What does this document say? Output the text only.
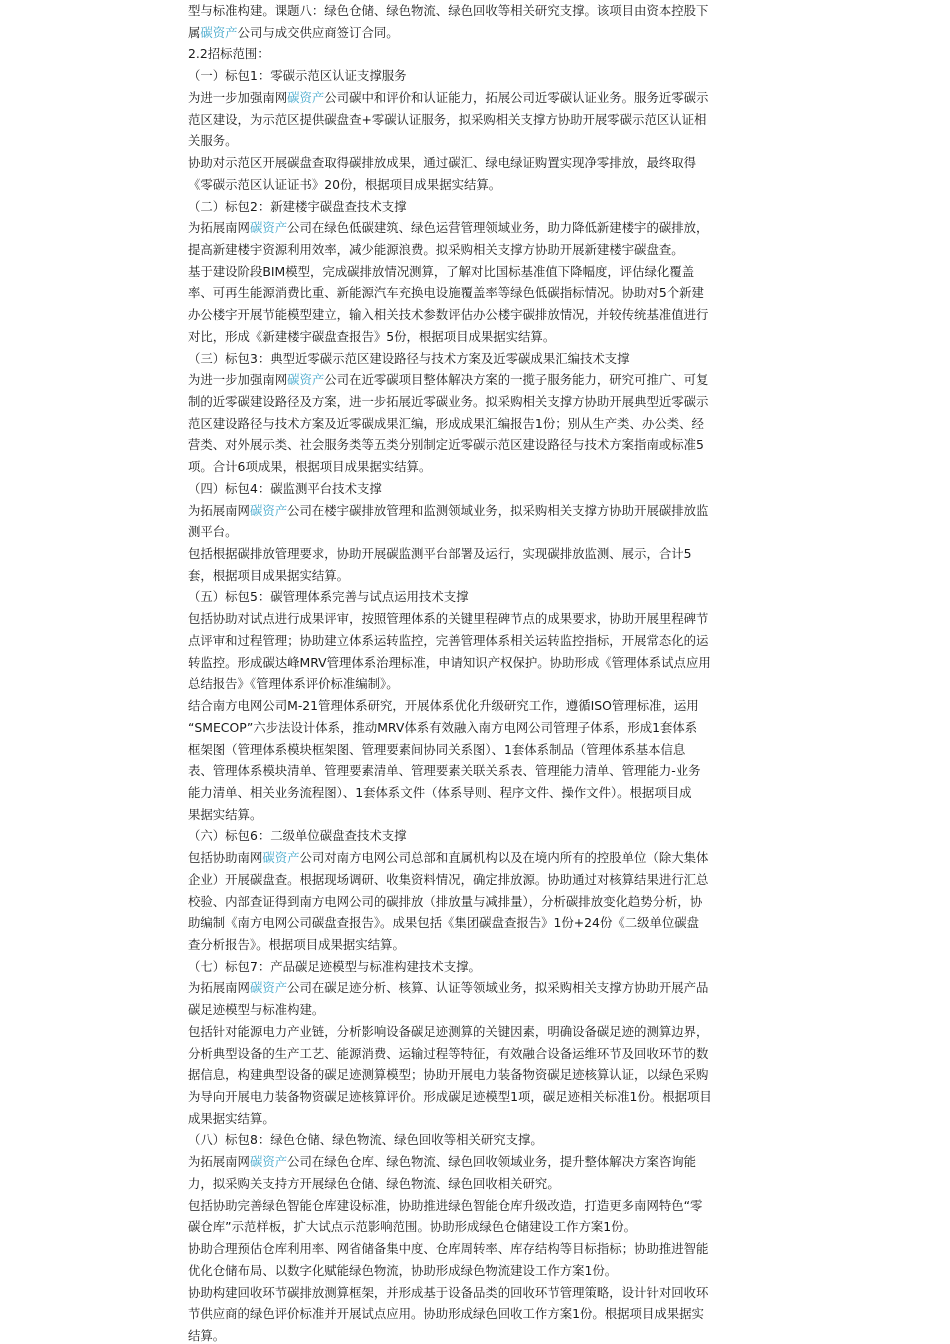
型与标准构建。课题八：绿色仓储、绿色物流、绿色回收等相关研究支撑。该项目由资本控股下
属碳资产公司与成交供应商签订合同。
2.2招标范围：
（一）标包1：零碳示范区认证支撑服务
为进一步加强南网碳资产公司碳中和评价和认证能力，拓展公司近零碳认证业务。服务近零碳示
范区建设，为示范区提供碳盘查+零碳认证服务，拟采购相关支撑方协助开展零碳示范区认证相
关服务。
协助对示范区开展碳盘查取得碳排放成果，通过碳汇、绿电绿证购置实现净零排放，最终取得
《零碳示范区认证证书》20份，根据项目成果据实结算。
（二）标包2：新建楼宇碳盘查技术支撑
为拓展南网碳资产公司在绿色低碳建筑、绿色运营管理领域业务，助力降低新建楼宇的碳排放，
提高新建楼宇资源利用效率，减少能源浪费。拟采购相关支撑方协助开展新建楼宇碳盘查。
基于建设阶段BIM模型，完成碳排放情况测算，了解对比国标基准值下降幅度，评估绿化覆盖
率、可再生能源消费比重、新能源汽车充换电设施覆盖率等绿色低碳指标情况。协助对5个新建
办公楼宇开展节能模型建立，输入相关技术参数评估办公楼宇碳排放情况，并较传统基准值进行
对比，形成《新建楼宇碳盘查报告》5份，根据项目成果据实结算。
（三）标包3：典型近零碳示范区建设路径与技术方案及近零碳成果汇编技术支撑
为进一步加强南网碳资产公司在近零碳项目整体解决方案的一揽子服务能力，研究可推广、可复
制的近零碳建设路径及方案，进一步拓展近零碳业务。拟采购相关支撑方协助开展典型近零碳示
范区建设路径与技术方案及近零碳成果汇编，形成成果汇编报告1份；别从生产类、办公类、经
营类、对外展示类、社会服务类等五类分别制定近零碳示范区建设路径与技术方案指南或标准5
项。合计6项成果，根据项目成果据实结算。
（四）标包4：碳监测平台技术支撑
为拓展南网碳资产公司在楼宇碳排放管理和监测领域业务，拟采购相关支撑方协助开展碳排放监
测平台。
包括根据碳排放管理要求，协助开展碳监测平台部署及运行，实现碳排放监测、展示，合计5
套，根据项目成果据实结算。
（五）标包5：碳管理体系完善与试点运用技术支撑
包括协助对试点进行成果评审，按照管理体系的关键里程碑节点的成果要求，协助开展里程碑节
点评审和过程管理；协助建立体系运转监控，完善管理体系相关运转监控指标，开展常态化的运
转监控。形成碳达峰MRV管理体系治理标准，申请知识产权保护。协助形成《管理体系试点应用
总结报告》《管理体系评价标准编制》。
结合南方电网公司M-21管理体系研究，开展体系优化升级研究工作，遵循ISO管理标准，运用
“SMECOP”六步法设计体系，推动MRV体系有效融入南方电网公司管理子体系，形成1套体系
框架图（管理体系模块框架图、管理要素间协同关系图）、1套体系制品（管理体系基本信息
表、管理体系模块清单、管理要素清单、管理要素关联关系表、管理能力清单、管理能力-业务
能力清单、相关业务流程图）、1套体系文件（体系导则、程序文件、操作文件）。根据项目成
果据实结算。
（六）标包6：二级单位碳盘查技术支撑
包括协助南网碳资产公司对南方电网公司总部和直属机构以及在境内所有的控股单位（除大集体
企业）开展碳盘查。根据现场调研、收集资料情况，确定排放源。协助通过对核算结果进行汇总
校验、内部查证得到南方电网公司的碳排放（排放量与减排量），分析碳排放变化趋势分析，协
助编制《南方电网公司碳盘查报告》。成果包括《集团碳盘查报告》1份+24份《二级单位碳盘
查分析报告》。根据项目成果据实结算。
（七）标包7：产品碳足迹模型与标准构建技术支撑。
为拓展南网碳资产公司在碳足迹分析、核算、认证等领域业务，拟采购相关支撑方协助开展产品
碳足迹模型与标准构建。
包括针对能源电力产业链，分析影响设备碳足迹测算的关键因素，明确设备碳足迹的测算边界，
分析典型设备的生产工艺、能源消费、运输过程等特征，有效融合设备运维环节及回收环节的数
据信息，构建典型设备的碳足迹测算模型；协助开展电力装备物资碳足迹核算认证，以绿色采购
为导向开展电力装备物资碳足迹核算评价。形成碳足迹模型1项，碳足迹相关标准1份。根据项目
成果据实结算。
（八）标包8：绿色仓储、绿色物流、绿色回收等相关研究支撑。
为拓展南网碳资产公司在绿色仓库、绿色物流、绿色回收领域业务，提升整体解决方案咨询能
力，拟采购关支持方开展绿色仓储、绿色物流、绿色回收相关研究。
包括协助完善绿色智能仓库建设标准，协助推进绿色智能仓库升级改造，打造更多南网特色“零
碳仓库”示范样板，扩大试点示范影响范围。协助形成绿色仓储建设工作方案1份。
协助合理预估仓库利用率、网省储备集中度、仓库周转率、库存结构等目标指标；协助推进智能
优化仓储布局、以数字化赋能绿色物流，协助形成绿色物流建设工作方案1份。
协助构建回收环节碳排放测算框架，并形成基于设备品类的回收环节管理策略，设计针对回收环
节供应商的绿色评价标准并开展试点应用。协助形成绿色回收工作方案1份。根据项目成果据实
结算。
